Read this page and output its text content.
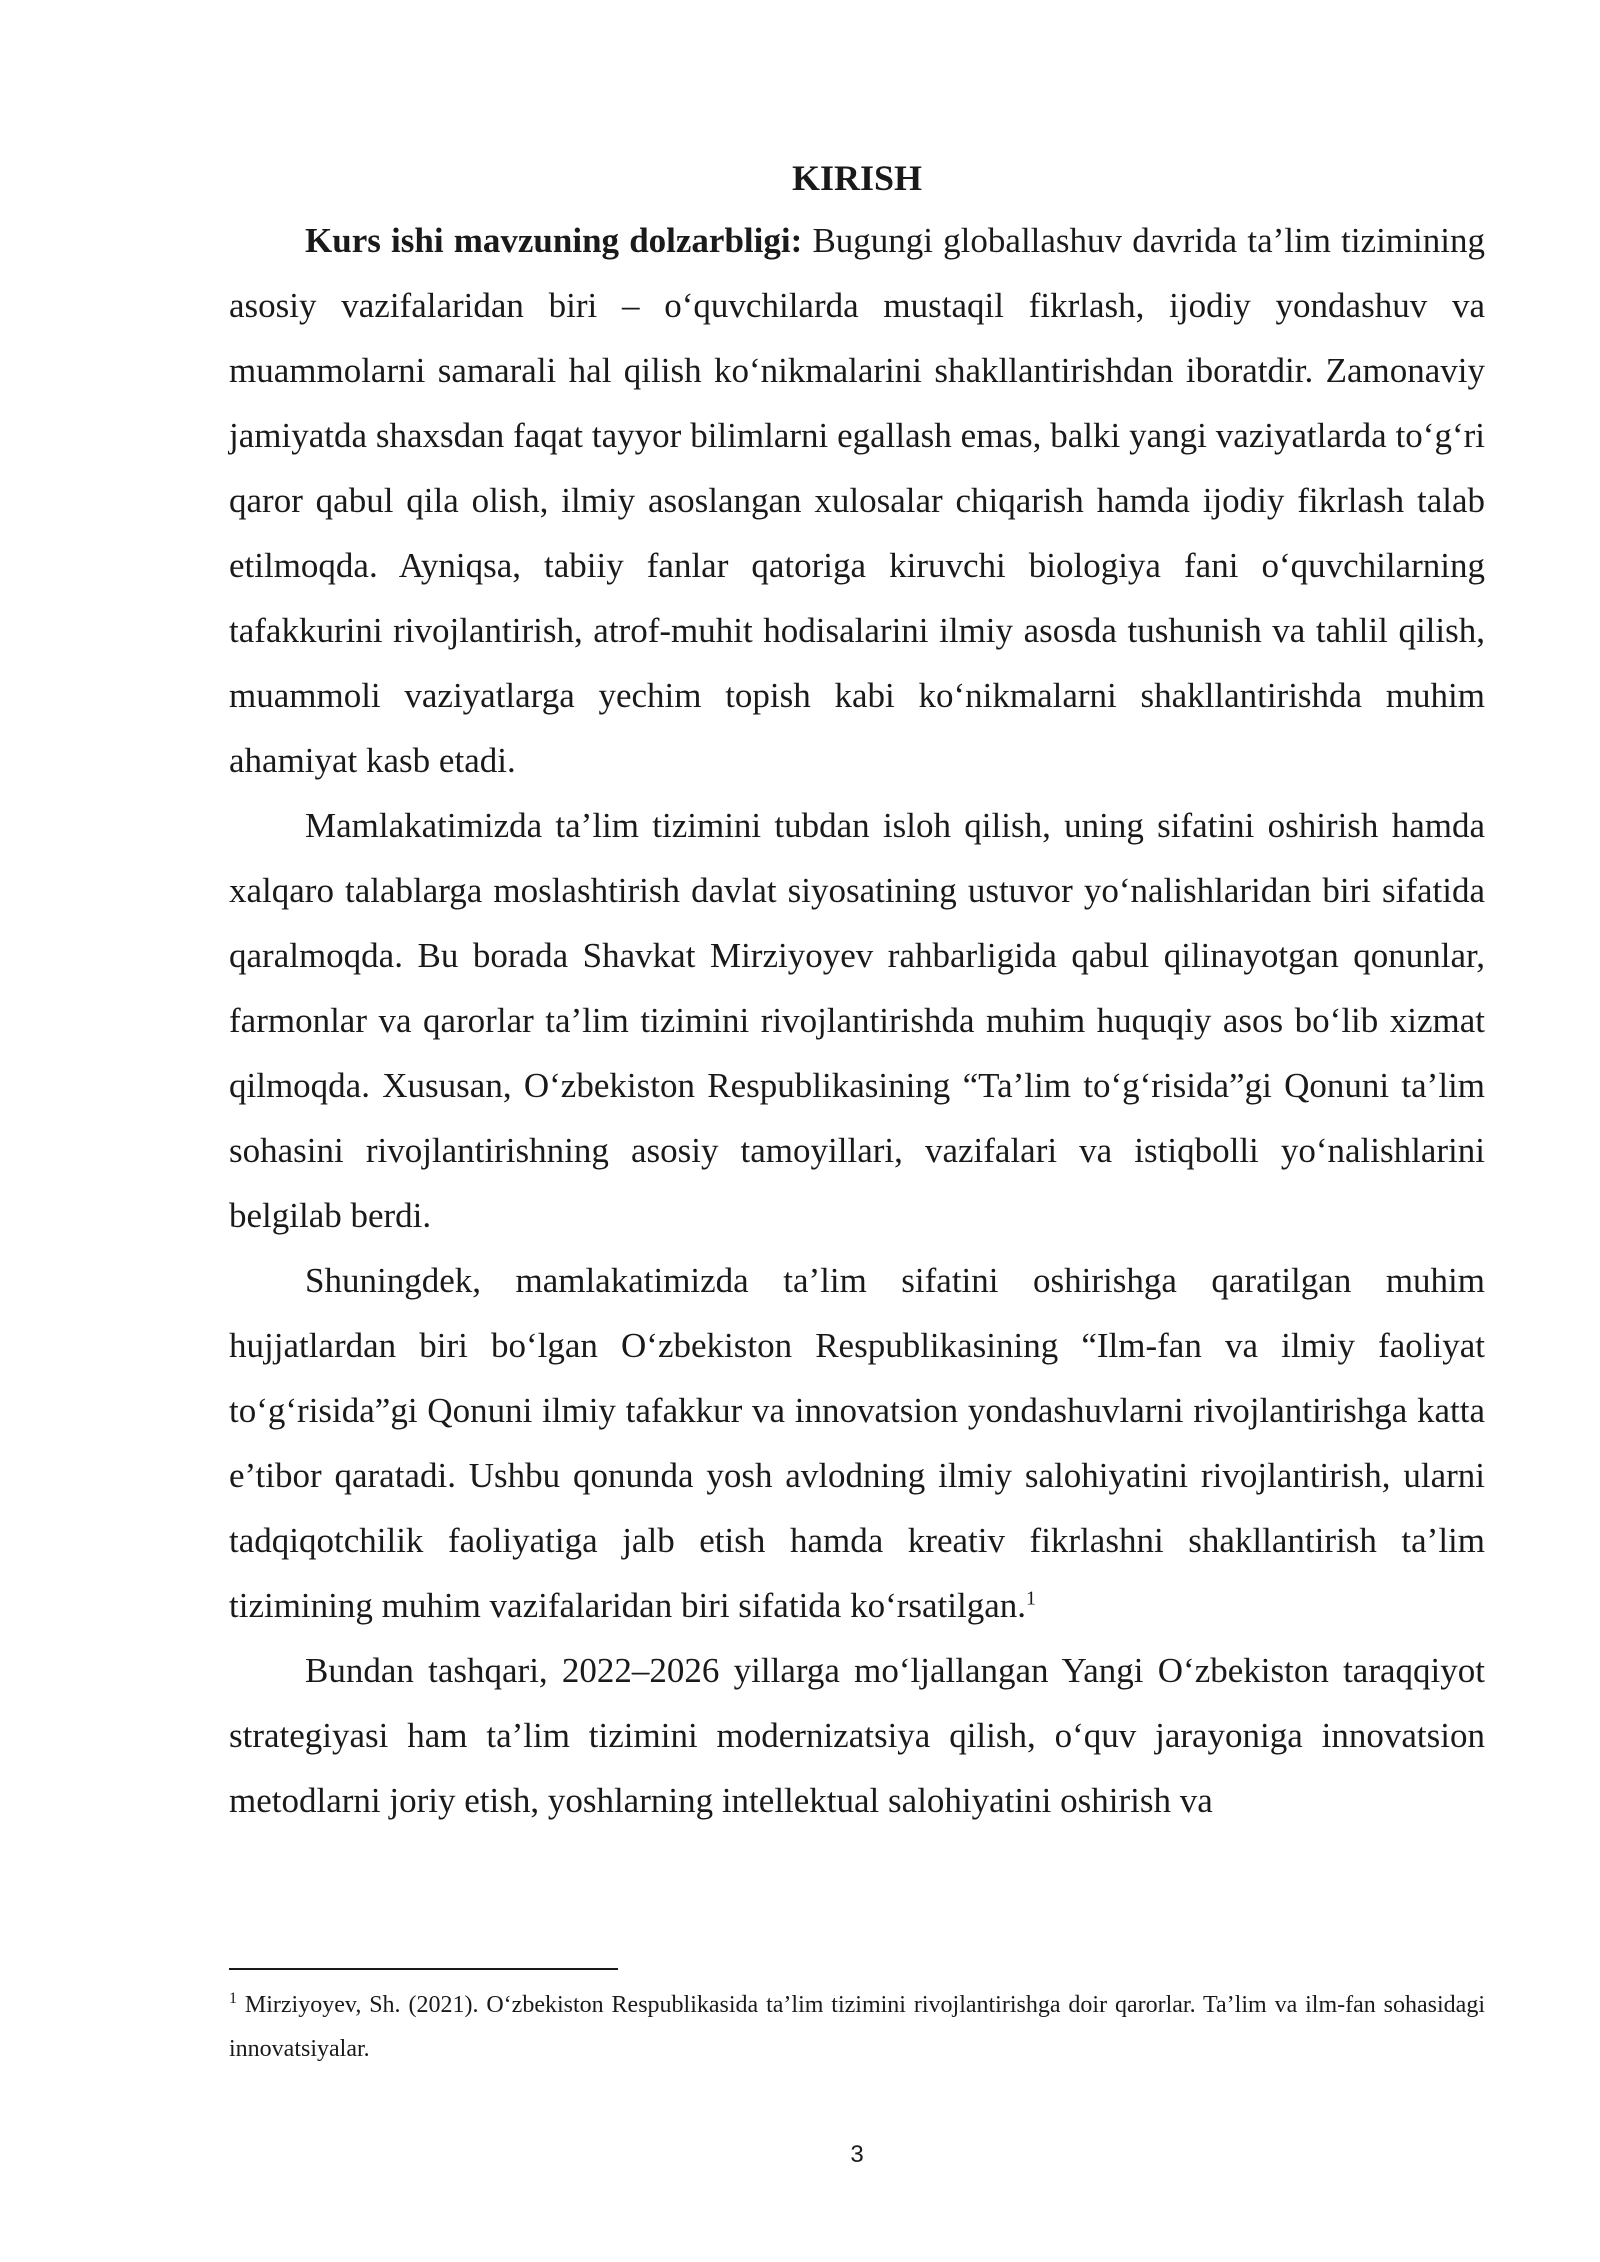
KIRISH

Kurs ishi mavzuning dolzarbligi: Bugungi globallashuv davrida ta’lim tizimining asosiy vazifalaridan biri – o‘quvchilarda mustaqil fikrlash, ijodiy yondashuv va muammolarni samarali hal qilish ko‘nikmalarini shakllantirishdan iboratdir. Zamonaviy jamiyatda shaxsdan faqat tayyor bilimlarni egallash emas, balki yangi vaziyatlarda to‘g‘ri qaror qabul qila olish, ilmiy asoslangan xulosalar chiqarish hamda ijodiy fikrlash talab etilmoqda. Ayniqsa, tabiiy fanlar qatoriga kiruvchi biologiya fani o‘quvchilarning tafakkurini rivojlantirish, atrof-muhit hodisalarini ilmiy asosda tushunish va tahlil qilish, muammoli vaziyatlarga yechim topish kabi ko‘nikmalarni shakllantirishda muhim ahamiyat kasb etadi.

Mamlakatimizda ta’lim tizimini tubdan isloh qilish, uning sifatini oshirish hamda xalqaro talablarga moslashtirish davlat siyosatining ustuvor yo‘nalishlaridan biri sifatida qaralmoqda. Bu borada Shavkat Mirziyoyev rahbarligida qabul qilinayotgan qonunlar, farmonlar va qarorlar ta’lim tizimini rivojlantirishda muhim huquqiy asos bo‘lib xizmat qilmoqda. Xususan, O‘zbekiston Respublikasining “Ta’lim to‘g‘risida”gi Qonuni ta’lim sohasini rivojlantirishning asosiy tamoyillari, vazifalari va istiqbolli yo‘nalishlarini belgilab berdi.

Shuningdek, mamlakatimizda ta’lim sifatini oshirishga qaratilgan muhim hujjatlardan biri bo‘lgan O‘zbekiston Respublikasining “Ilm-fan va ilmiy faoliyat to‘g‘risida”gi Qonuni ilmiy tafakkur va innovatsion yondashuvlarni rivojlantirishga katta e’tibor qaratadi. Ushbu qonunda yosh avlodning ilmiy salohiyatini rivojlantirish, ularni tadqiqotchilik faoliyatiga jalb etish hamda kreativ fikrlashni shakllantirish ta’lim tizimining muhim vazifalaridan biri sifatida ko‘rsatilgan.$^1$

Bundan tashqari, 2022–2026 yillarga mo‘ljallangan Yangi O‘zbekiston taraqqiyot strategiyasi ham ta’lim tizimini modernizatsiya qilish, o‘quv jarayoniga innovatsion metodlarni joriy etish, yoshlarning intellektual salohiyatini oshirish va

$^1$ Mirziyoyev, Sh. (2021). O‘zbekiston Respublikasida ta’lim tizimini rivojlantirishga doir qarorlar. Ta’lim va ilm-fan sohasidagi innovatsiyalar.

3
